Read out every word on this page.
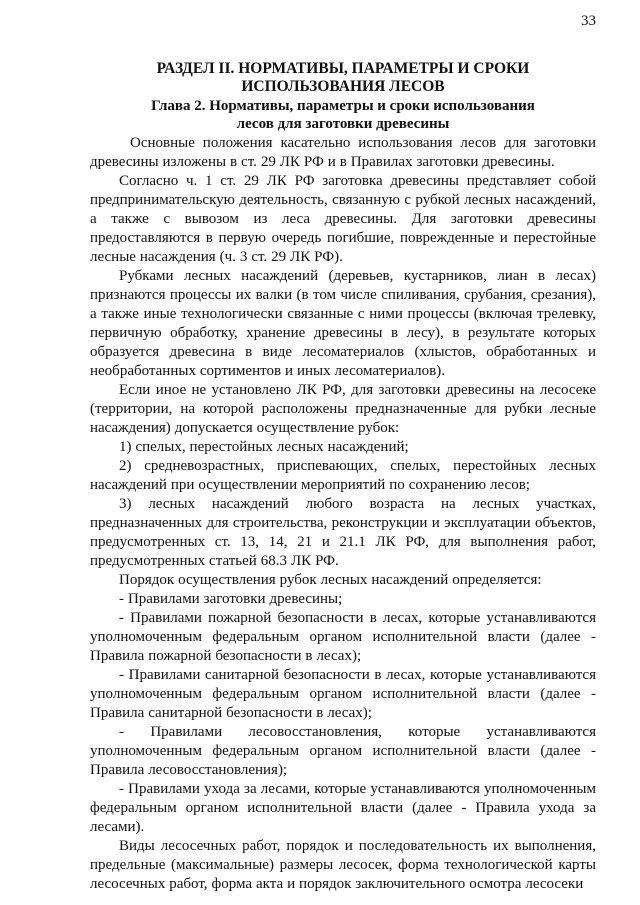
33
РАЗДЕЛ II. НОРМАТИВЫ, ПАРАМЕТРЫ И СРОКИ
ИСПОЛЬЗОВАНИЯ ЛЕСОВ
Глава 2. Нормативы, параметры и сроки использования
лесов для заготовки древесины

Основные положения касательно использования лесов для заготовки древесины изложены в ст. 29 ЛК РФ и в Правилах заготовки древесины.

Согласно ч. 1 ст. 29 ЛК РФ заготовка древесины представляет собой предпринимательскую деятельность, связанную с рубкой лесных насаждений, а также с вывозом из леса древесины. Для заготовки древесины предоставляются в первую очередь погибшие, поврежденные и перестойные лесные насаждения (ч. 3 ст. 29 ЛК РФ).

Рубками лесных насаждений (деревьев, кустарников, лиан в лесах) признаются процессы их валки (в том числе спиливания, срубания, срезания), а также иные технологически связанные с ними процессы (включая трелевку, первичную обработку, хранение древесины в лесу), в результате которых образуется древесина в виде лесоматериалов (хлыстов, обработанных и необработанных сортиментов и иных лесоматериалов).

Если иное не установлено ЛК РФ, для заготовки древесины на лесосеке (территории, на которой расположены предназначенные для рубки лесные насаждения) допускается осуществление рубок:

1) спелых, перестойных лесных насаждений;

2) средневозрастных, приспевающих, спелых, перестойных лесных насаждений при осуществлении мероприятий по сохранению лесов;

3) лесных насаждений любого возраста на лесных участках, предназначенных для строительства, реконструкции и эксплуатации объектов, предусмотренных ст. 13, 14, 21 и 21.1 ЛК РФ, для выполнения работ, предусмотренных статьей 68.3 ЛК РФ.

Порядок осуществления рубок лесных насаждений определяется:

- Правилами заготовки древесины;

- Правилами пожарной безопасности в лесах, которые устанавливаются уполномоченным федеральным органом исполнительной власти (далее - Правила пожарной безопасности в лесах);

- Правилами санитарной безопасности в лесах, которые устанавливаются уполномоченным федеральным органом исполнительной власти (далее - Правила санитарной безопасности в лесах);

- Правилами лесовосстановления, которые устанавливаются уполномоченным федеральным органом исполнительной власти (далее - Правила лесовосстановления);

- Правилами ухода за лесами, которые устанавливаются уполномоченным федеральным органом исполнительной власти (далее - Правила ухода за лесами).

Виды лесосечных работ, порядок и последовательность их выполнения, предельные (максимальные) размеры лесосек, форма технологической карты лесосечных работ, форма акта и порядок заключительного осмотра лесосеки
